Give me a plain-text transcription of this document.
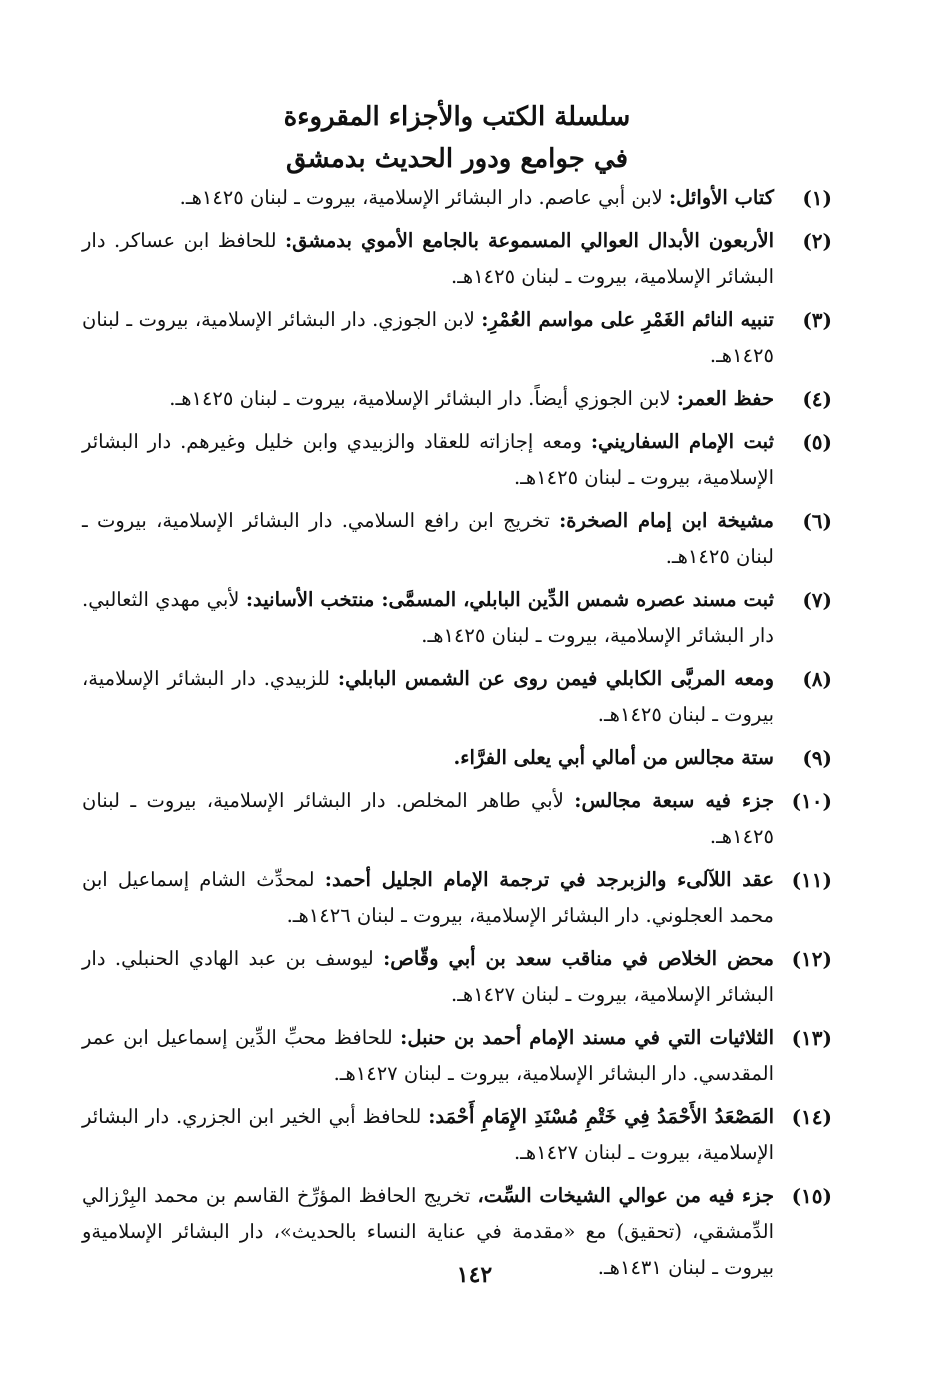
سلسلة الكتب والأجزاء المقروءة

في جوامع ودور الحديث بدمشق

(١)
كتاب الأوائل: لابن أبي عاصم. دار البشائر الإسلامية، بيروت ـ لبنان ١٤٢٥هـ.
(٢)
الأربعون الأبدال العوالي المسموعة بالجامع الأموي بدمشق: للحافظ ابن عساكر. دار البشائر الإسلامية، بيروت ـ لبنان ١٤٢٥هـ.
(٣)
تنبيه النائم الغَمْرِ على مواسم العُمْرِ: لابن الجوزي. دار البشائر الإسلامية، بيروت ـ لبنان ١٤٢٥هـ.
(٤)
حفظ العمر: لابن الجوزي أيضاً. دار البشائر الإسلامية، بيروت ـ لبنان ١٤٢٥هـ.
(٥)
ثبت الإمام السفاريني: ومعه إجازاته للعقاد والزبيدي وابن خليل وغيرهم. دار البشائر الإسلامية، بيروت ـ لبنان ١٤٢٥هـ.
(٦)
مشيخة ابن إمام الصخرة: تخريج ابن رافع السلامي. دار البشائر الإسلامية، بيروت ـ لبنان ١٤٢٥هـ.
(٧)
ثبت مسند عصره شمس الدِّين البابلي، المسمَّى: منتخب الأسانيد: لأبي مهدي الثعالبي. دار البشائر الإسلامية، بيروت ـ لبنان ١٤٢٥هـ.
(٨)
ومعه المربَّى الكابلي فيمن روى عن الشمس البابلي: للزبيدي. دار البشائر الإسلامية، بيروت ـ لبنان ١٤٢٥هـ.
(٩)
ستة مجالس من أمالي أبي يعلى الفرَّاء.
(١٠)
جزء فيه سبعة مجالس: لأبي طاهر المخلص. دار البشائر الإسلامية، بيروت ـ لبنان ١٤٢٥هـ.
(١١)
عقد اللآلىء والزبرجد في ترجمة الإمام الجليل أحمد: لمحدِّث الشام إسماعيل ابن محمد العجلوني. دار البشائر الإسلامية، بيروت ـ لبنان ١٤٢٦هـ.
(١٢)
محض الخلاص في مناقب سعد بن أبي وقّاص: ليوسف بن عبد الهادي الحنبلي. دار البشائر الإسلامية، بيروت ـ لبنان ١٤٢٧هـ.
(١٣)
الثلاثيات التي في مسند الإمام أحمد بن حنبل: للحافظ محبِّ الدِّين إسماعيل ابن عمر المقدسي. دار البشائر الإسلامية، بيروت ـ لبنان ١٤٢٧هـ.
(١٤)
المَصْعَدُ الأَحْمَدُ فِي خَتْمِ مُسْنَدِ الإِمَامِ أَحْمَد: للحافظ أبي الخير ابن الجزري. دار البشائر الإسلامية، بيروت ـ لبنان ١٤٢٧هـ.
(١٥)
جزء فيه من عوالي الشيخات السِّت، تخريج الحافظ المؤرِّخ القاسم بن محمد البِرْزالي الدِّمشقي، (تحقيق) مع «مقدمة في عناية النساء بالحديث»، دار البشائر الإسلاميةو بيروت ـ لبنان ١٤٣١هـ.
١٤٢
